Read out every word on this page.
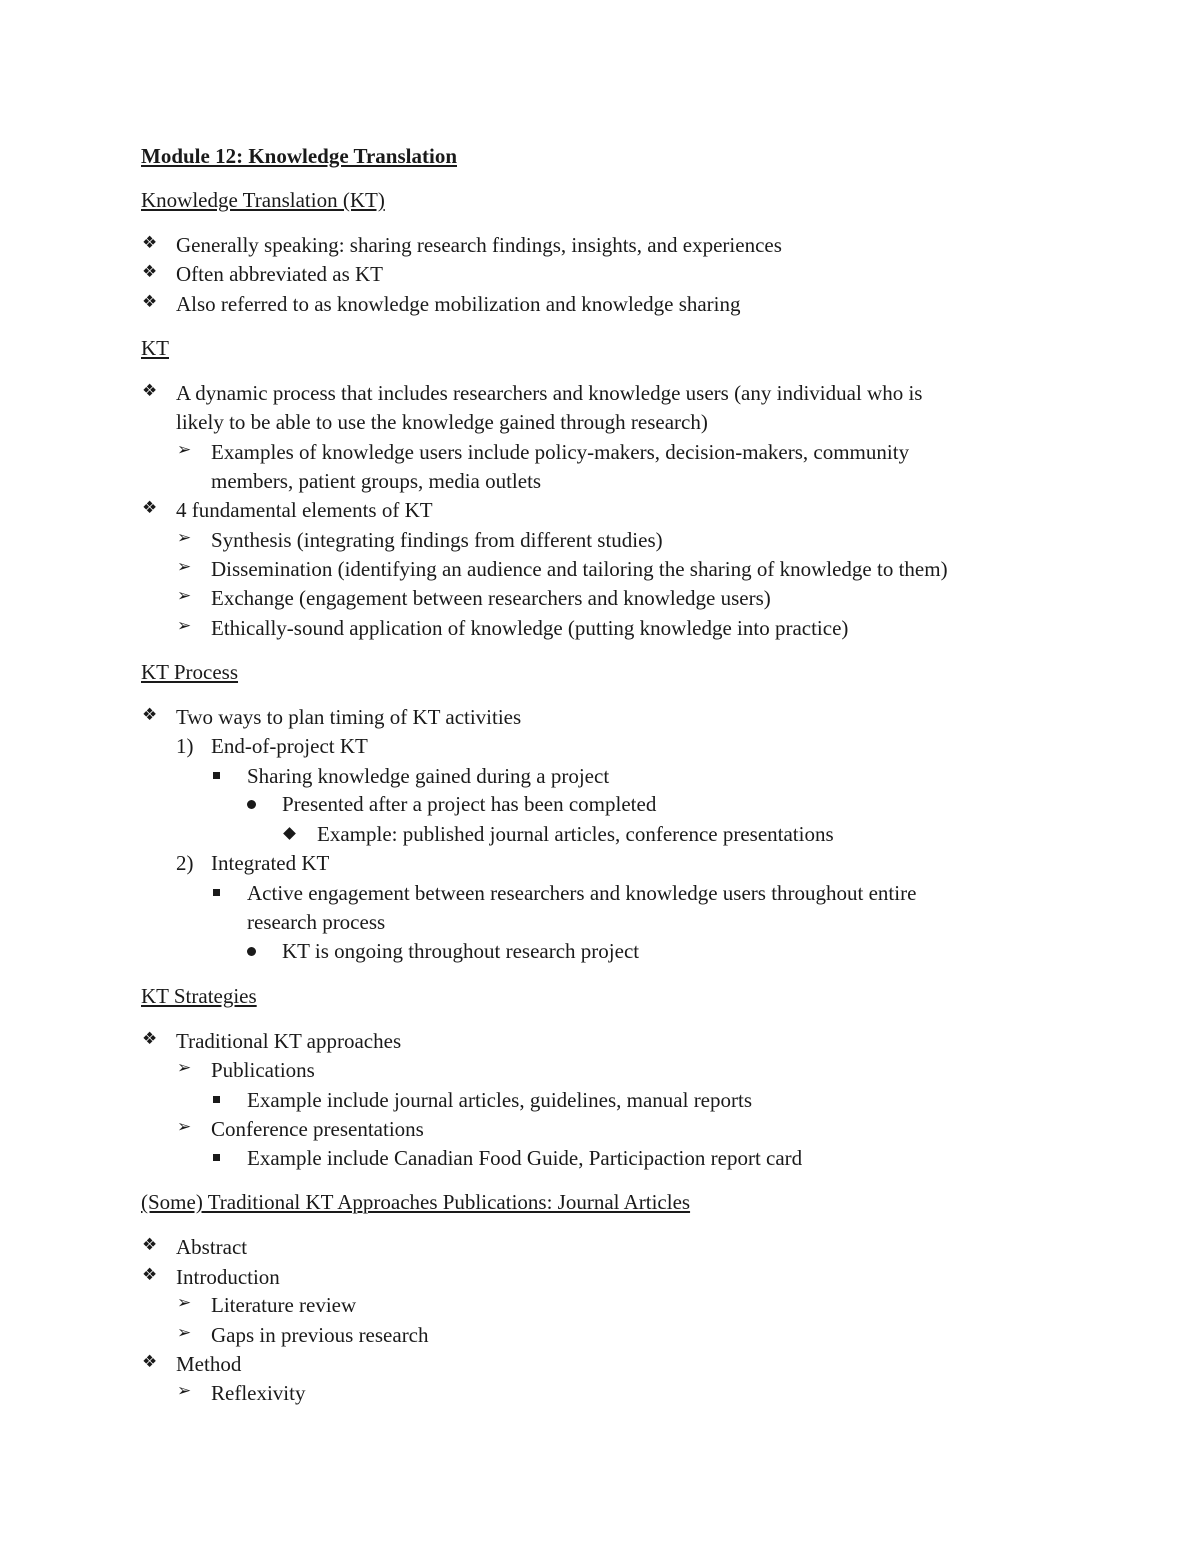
Module 12: Knowledge Translation
Knowledge Translation (KT)
❖ Generally speaking: sharing research findings, insights, and experiences
❖ Often abbreviated as KT
❖ Also referred to as knowledge mobilization and knowledge sharing
KT
❖ A dynamic process that includes researchers and knowledge users (any individual who is
likely to be able to use the knowledge gained through research)
➢ Examples of knowledge users include policy-makers, decision-makers, community
members, patient groups, media outlets
❖ 4 fundamental elements of KT
➢ Synthesis (integrating findings from different studies)
➢ Dissemination (identifying an audience and tailoring the sharing of knowledge to them)
➢ Exchange (engagement between researchers and knowledge users)
➢ Ethically-sound application of knowledge (putting knowledge into practice)
KT Process
❖ Two ways to plan timing of KT activities
1) End-of-project KT
Sharing knowledge gained during a project
Presented after a project has been completed
Example: published journal articles, conference presentations
2) Integrated KT
Active engagement between researchers and knowledge users throughout entire
research process
KT is ongoing throughout research project
KT Strategies
❖ Traditional KT approaches
➢ Publications
Example include journal articles, guidelines, manual reports
➢ Conference presentations
Example include Canadian Food Guide, Participaction report card
(Some) Traditional KT Approaches Publications: Journal Articles
❖ Abstract
❖ Introduction
➢ Literature review
➢ Gaps in previous research
❖ Method
➢ Reflexivity
